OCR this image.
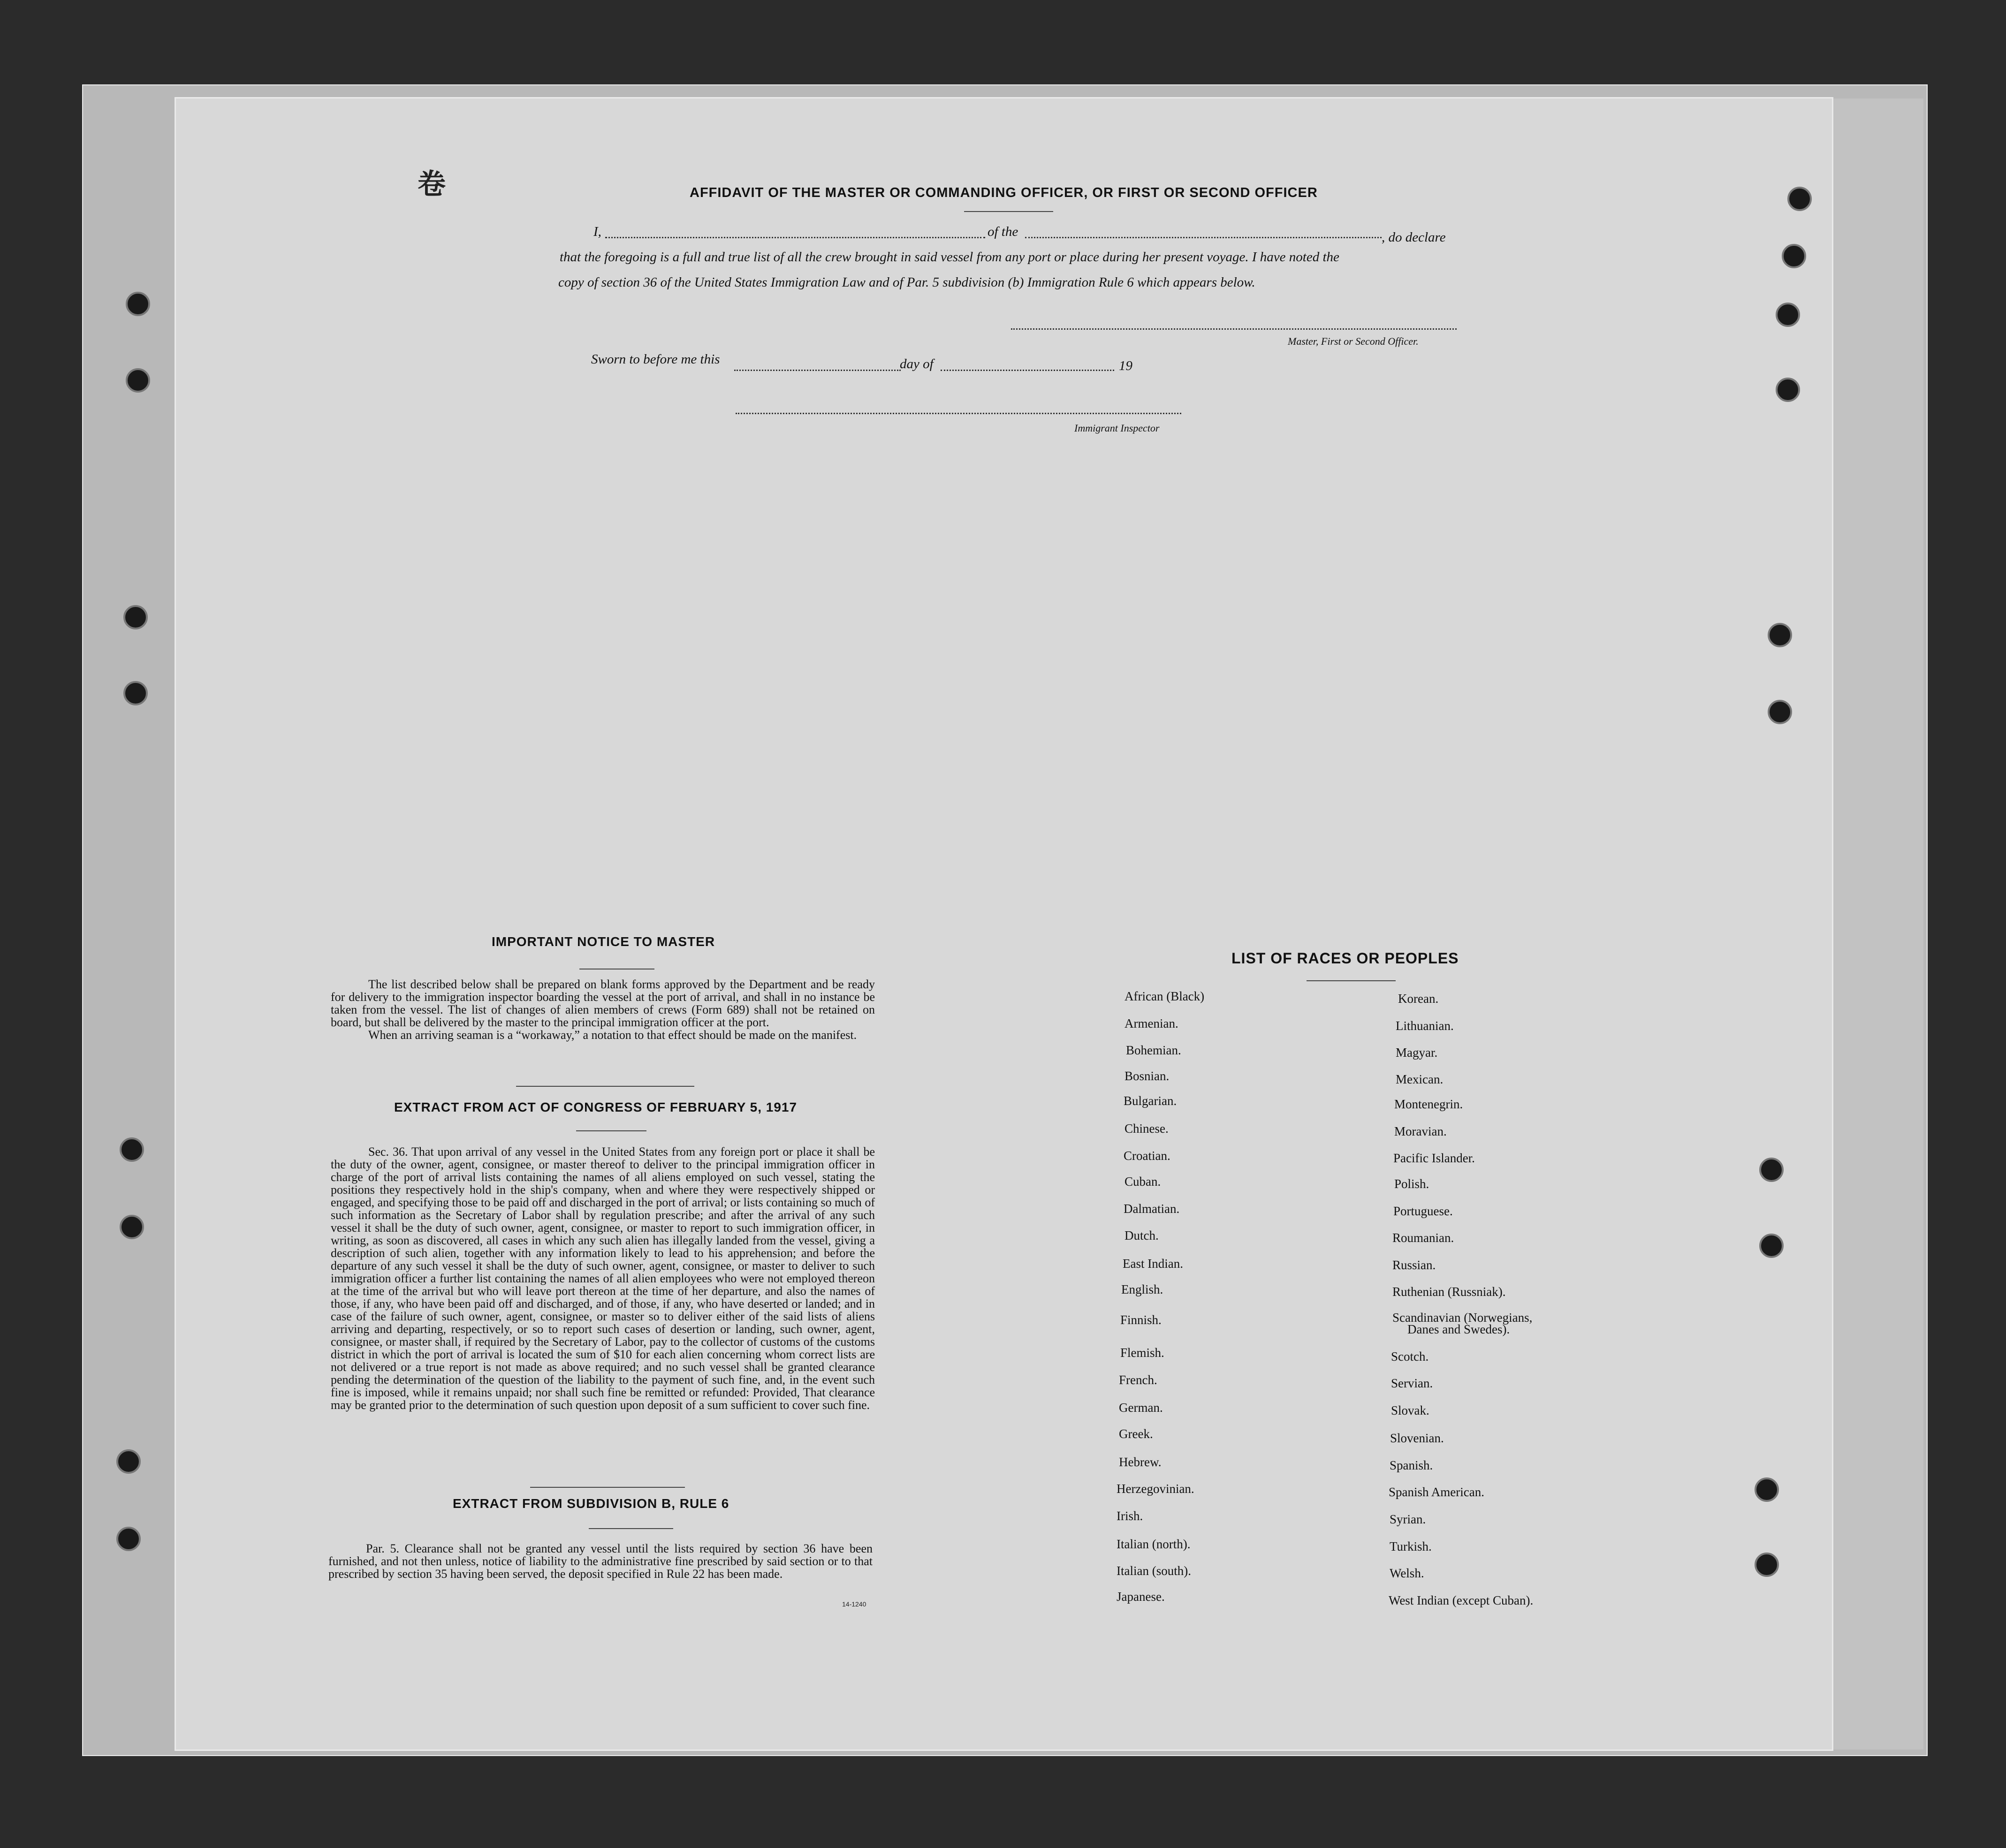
卷	AFFIDAVIT OF THE MASTER OR COMMANDING OFFICER, OR FIRST OR SECOND OFFICER
I,	of the	, do declare
that the foregoing is a full and true list of all the crew brought in said vessel from any port or place during her present voyage. I have noted the
copy of section 36 of the United States Immigration Law and of Par. 5 subdivision (b) Immigration Rule 6 which appears below.
Master, First or Second Officer.
Sworn to before me this	day of	19
Immigrant Inspector
IMPORTANT NOTICE TO MASTER

The list described below shall be prepared on blank forms approved by the Department and be ready for delivery to the immigration inspector boarding the vessel at the port of arrival, and shall in no instance be taken from the vessel. The list of changes of alien members of crews (Form 689) shall not be retained on board, but shall be delivered by the master to the principal immigration officer at the port.

When an arriving seaman is a “workaway,” a notation to that effect should be made on the manifest.

EXTRACT FROM ACT OF CONGRESS OF FEBRUARY 5, 1917

Sec. 36. That upon arrival of any vessel in the United States from any foreign port or place it shall be the duty of the owner, agent, consignee, or master thereof to deliver to the principal immigration officer in charge of the port of arrival lists containing the names of all aliens employed on such vessel, stating the positions they respectively hold in the ship's company, when and where they were respectively shipped or engaged, and specifying those to be paid off and discharged in the port of arrival; or lists containing so much of such information as the Secretary of Labor shall by regulation prescribe; and after the arrival of any such vessel it shall be the duty of such owner, agent, consignee, or master to report to such immigration officer, in writing, as soon as discovered, all cases in which any such alien has illegally landed from the vessel, giving a description of such alien, together with any information likely to lead to his apprehension; and before the departure of any such vessel it shall be the duty of such owner, agent, consignee, or master to deliver to such immigration officer a further list containing the names of all alien employees who were not employed thereon at the time of the arrival but who will leave port thereon at the time of her departure, and also the names of those, if any, who have been paid off and discharged, and of those, if any, who have deserted or landed; and in case of the failure of such owner, agent, consignee, or master so to deliver either of the said lists of aliens arriving and departing, respectively, or so to report such cases of desertion or landing, such owner, agent, consignee, or master shall, if required by the Secretary of Labor, pay to the collector of customs of the customs district in which the port of arrival is located the sum of $10 for each alien concerning whom correct lists are not delivered or a true report is not made as above required; and no such vessel shall be granted clearance pending the determination of the question of the liability to the payment of such fine, and, in the event such fine is imposed, while it remains unpaid; nor shall such fine be remitted or refunded: Provided, That clearance may be granted prior to the determination of such question upon deposit of a sum sufficient to cover such fine.

EXTRACT FROM SUBDIVISION B, RULE 6

Par. 5. Clearance shall not be granted any vessel until the lists required by section 36 have been furnished, and not then unless, notice of liability to the administrative fine prescribed by said section or to that prescribed by section 35 having been served, the deposit specified in Rule 22 has been made.

14-1240
LIST OF RACES OR PEOPLES
African (Black)
Armenian.
Bohemian.
Bosnian.
Bulgarian.
Chinese.
Croatian.
Cuban.
Dalmatian.
Dutch.
East Indian.
English.
Finnish.
Flemish.
French.
German.
Greek.
Hebrew.
Herzegovinian.
Irish.
Italian (north).
Italian (south).
Japanese.
Korean.
Lithuanian.
Magyar.
Mexican.
Montenegrin.
Moravian.
Pacific Islander.
Polish.
Portuguese.
Roumanian.
Russian.
Ruthenian (Russniak).
Scandinavian (Norwegians,
Danes and Swedes).
Scotch.
Servian.
Slovak.
Slovenian.
Spanish.
Spanish American.
Syrian.
Turkish.
Welsh.
West Indian (except Cuban).
